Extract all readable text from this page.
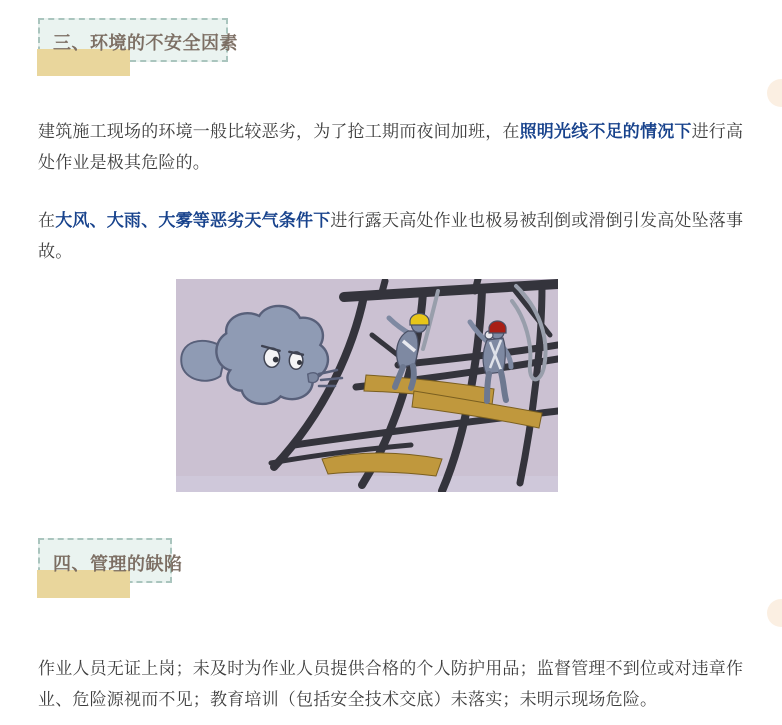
三、环境的不安全因素

建筑施工现场的环境一般比较恶劣，为了抢工期而夜间加班，在照明光线不足的情况下进行高处作业是极其危险的。

在大风、大雨、大雾等恶劣天气条件下进行露天高处作业也极易被刮倒或滑倒引发高处坠落事故。

四、管理的缺陷

作业人员无证上岗；未及时为作业人员提供合格的个人防护用品；监督管理不到位或对违章作业、危险源视而不见；教育培训（包括安全技术交底）未落实；未明示现场危险。
